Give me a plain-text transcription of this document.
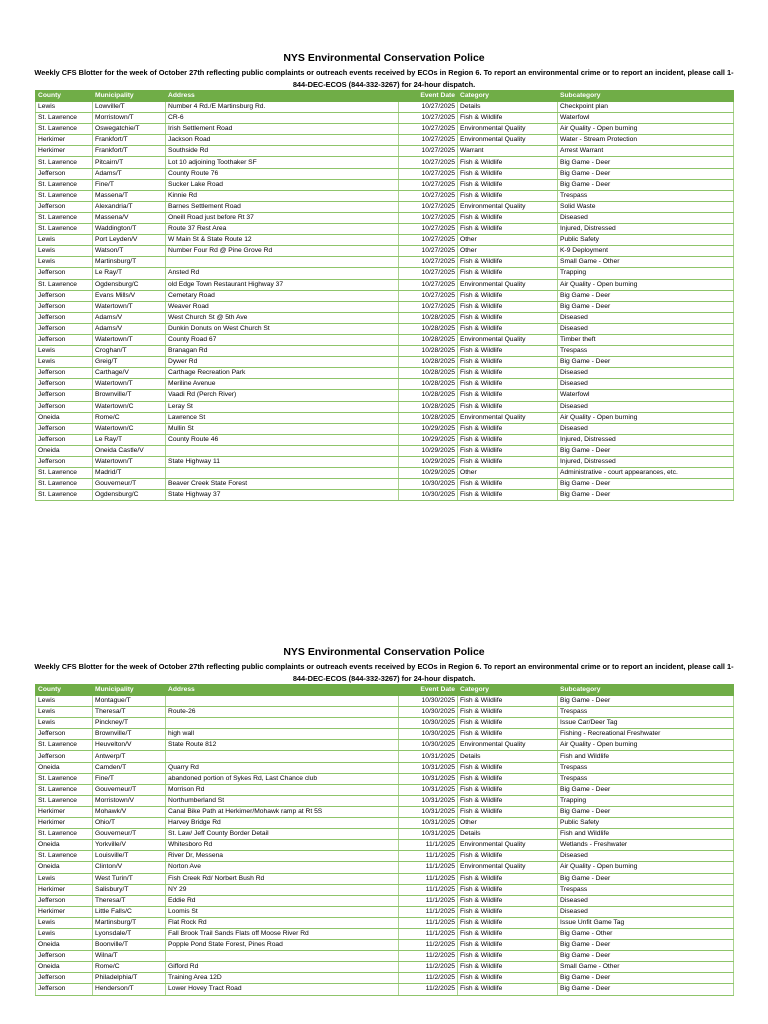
NYS Environmental Conservation Police
Weekly CFS Blotter for the week of October 27th reflecting public complaints or outreach events received by ECOs in Region 6. To report an environmental crime or to report an incident, please call 1-844-DEC-ECOS (844-332-3267) for 24-hour dispatch.
County	Municipality	Address	Event Date	Category	Subcategory
Lewis	Lowville/T	Number 4 Rd./E Martinsburg Rd.	10/27/2025	Details	Checkpoint plan
St. Lawrence	Morristown/T	CR-6	10/27/2025	Fish & Wildlife	Waterfowl
St. Lawrence	Oswegatchie/T	Irish Settlement Road	10/27/2025	Environmental Quality	Air Quality - Open burning
Herkimer	Frankfort/T	Jackson Road	10/27/2025	Environmental Quality	Water - Stream Protection
Herkimer	Frankfort/T	Southside Rd	10/27/2025	Warrant	Arrest Warrant
St. Lawrence	Pitcairn/T	Lot 10 adjoining Toothaker SF	10/27/2025	Fish & Wildlife	Big Game - Deer
Jefferson	Adams/T	County Route 76	10/27/2025	Fish & Wildlife	Big Game - Deer
St. Lawrence	Fine/T	Sucker Lake Road	10/27/2025	Fish & Wildlife	Big Game - Deer
St. Lawrence	Massena/T	Kinnie Rd	10/27/2025	Fish & Wildlife	Trespass
Jefferson	Alexandria/T	Barnes Settlement Road	10/27/2025	Environmental Quality	Solid Waste
St. Lawrence	Massena/V	Oneill Road just before Rt 37	10/27/2025	Fish & Wildlife	Diseased
St. Lawrence	Waddington/T	Route 37 Rest Area	10/27/2025	Fish & Wildlife	Injured, Distressed
Lewis	Port Leyden/V	W Main St & State Route 12	10/27/2025	Other	Public Safety
Lewis	Watson/T	Number Four Rd @ Pine Grove Rd	10/27/2025	Other	K-9 Deployment
Lewis	Martinsburg/T		10/27/2025	Fish & Wildlife	Small Game - Other
Jefferson	Le Ray/T	Ansted Rd	10/27/2025	Fish & Wildlife	Trapping
St. Lawrence	Ogdensburg/C	old Edge Town Restaurant Highway 37	10/27/2025	Environmental Quality	Air Quality - Open burning
Jefferson	Evans Mills/V	Cemetary Road	10/27/2025	Fish & Wildlife	Big Game - Deer
Jefferson	Watertown/T	Weaver Road	10/27/2025	Fish & Wildlife	Big Game - Deer
Jefferson	Adams/V	West Church St @ 5th Ave	10/28/2025	Fish & Wildlife	Diseased
Jefferson	Adams/V	Dunkin Donuts on West Church St	10/28/2025	Fish & Wildlife	Diseased
Jefferson	Watertown/T	County Road 67	10/28/2025	Environmental Quality	Timber theft
Lewis	Croghan/T	Branagan Rd	10/28/2025	Fish & Wildlife	Trespass
Lewis	Greig/T	Dywer Rd	10/28/2025	Fish & Wildlife	Big Game - Deer
Jefferson	Carthage/V	Carthage Recreation Park	10/28/2025	Fish & Wildlife	Diseased
Jefferson	Watertown/T	Meriline Avenue	10/28/2025	Fish & Wildlife	Diseased
Jefferson	Brownville/T	Vaadi Rd (Perch River)	10/28/2025	Fish & Wildlife	Waterfowl
Jefferson	Watertown/C	Leray St	10/28/2025	Fish & Wildlife	Diseased
Oneida	Rome/C	Lawrence St	10/28/2025	Environmental Quality	Air Quality - Open burning
Jefferson	Watertown/C	Mullin St	10/29/2025	Fish & Wildlife	Diseased
Jefferson	Le Ray/T	County Route 46	10/29/2025	Fish & Wildlife	Injured, Distressed
Oneida	Oneida Castle/V		10/29/2025	Fish & Wildlife	Big Game - Deer
Jefferson	Watertown/T	State Highway 11	10/29/2025	Fish & Wildlife	Injured, Distressed
St. Lawrence	Madrid/T		10/29/2025	Other	Administrative - court appearances, etc.
St. Lawrence	Gouverneur/T	Beaver Creek State Forest	10/30/2025	Fish & Wildlife	Big Game - Deer
St. Lawrence	Ogdensburg/C	State Highway 37	10/30/2025	Fish & Wildlife	Big Game - Deer
NYS Environmental Conservation Police
Weekly CFS Blotter for the week of October 27th reflecting public complaints or outreach events received by ECOs in Region 6. To report an environmental crime or to report an incident, please call 1-844-DEC-ECOS (844-332-3267) for 24-hour dispatch.
County	Municipality	Address	Event Date	Category	Subcategory
Lewis	Montague/T		10/30/2025	Fish & Wildlife	Big Game - Deer
Lewis	Theresa/T	Route-26	10/30/2025	Fish & Wildlife	Trespass
Lewis	Pinckney/T		10/30/2025	Fish & Wildlife	Issue Car/Deer Tag
Jefferson	Brownville/T	high wall	10/30/2025	Fish & Wildlife	Fishing - Recreational Freshwater
St. Lawrence	Heuvelton/V	State Route 812	10/30/2025	Environmental Quality	Air Quality - Open burning
Jefferson	Antwerp/T		10/31/2025	Details	Fish and Wildlife
Oneida	Camden/T	Quarry Rd	10/31/2025	Fish & Wildlife	Trespass
St. Lawrence	Fine/T	abandoned portion of Sykes Rd, Last Chance club	10/31/2025	Fish & Wildlife	Trespass
St. Lawrence	Gouverneur/T	Morrison Rd	10/31/2025	Fish & Wildlife	Big Game - Deer
St. Lawrence	Morristown/V	Northumberland St	10/31/2025	Fish & Wildlife	Trapping
Herkimer	Mohawk/V	Canal Bike Path at Herkimer/Mohawk ramp at Rt 5S	10/31/2025	Fish & Wildlife	Big Game - Deer
Herkimer	Ohio/T	Harvey Bridge Rd	10/31/2025	Other	Public Safety
St. Lawrence	Gouverneur/T	St. Law/ Jeff County Border Detail	10/31/2025	Details	Fish and Wildlife
Oneida	Yorkville/V	Whitesboro Rd	11/1/2025	Environmental Quality	Wetlands - Freshwater
St. Lawrence	Louisville/T	River Dr, Messena	11/1/2025	Fish & Wildlife	Diseased
Oneida	Clinton/V	Norton Ave	11/1/2025	Environmental Quality	Air Quality - Open burning
Lewis	West Turin/T	Fish Creek Rd/ Norbert Bush Rd	11/1/2025	Fish & Wildlife	Big Game - Deer
Herkimer	Salisbury/T	NY 29	11/1/2025	Fish & Wildlife	Trespass
Jefferson	Theresa/T	Eddie Rd	11/1/2025	Fish & Wildlife	Diseased
Herkimer	Little Falls/C	Loomis St	11/1/2025	Fish & Wildlife	Diseased
Lewis	Martinsburg/T	Flat Rock Rd	11/1/2025	Fish & Wildlife	Issue Unfit Game Tag
Lewis	Lyonsdale/T	Fall Brook Trail Sands Flats off Moose River Rd	11/1/2025	Fish & Wildlife	Big Game - Other
Oneida	Boonville/T	Popple Pond State Forest, Pines Road	11/2/2025	Fish & Wildlife	Big Game - Deer
Jefferson	Wilna/T		11/2/2025	Fish & Wildlife	Big Game - Deer
Oneida	Rome/C	Gifford Rd	11/2/2025	Fish & Wildlife	Small Game - Other
Jefferson	Philadelphia/T	Training Area 12D	11/2/2025	Fish & Wildlife	Big Game - Deer
Jefferson	Henderson/T	Lower Hovey Tract Road	11/2/2025	Fish & Wildlife	Big Game - Deer
